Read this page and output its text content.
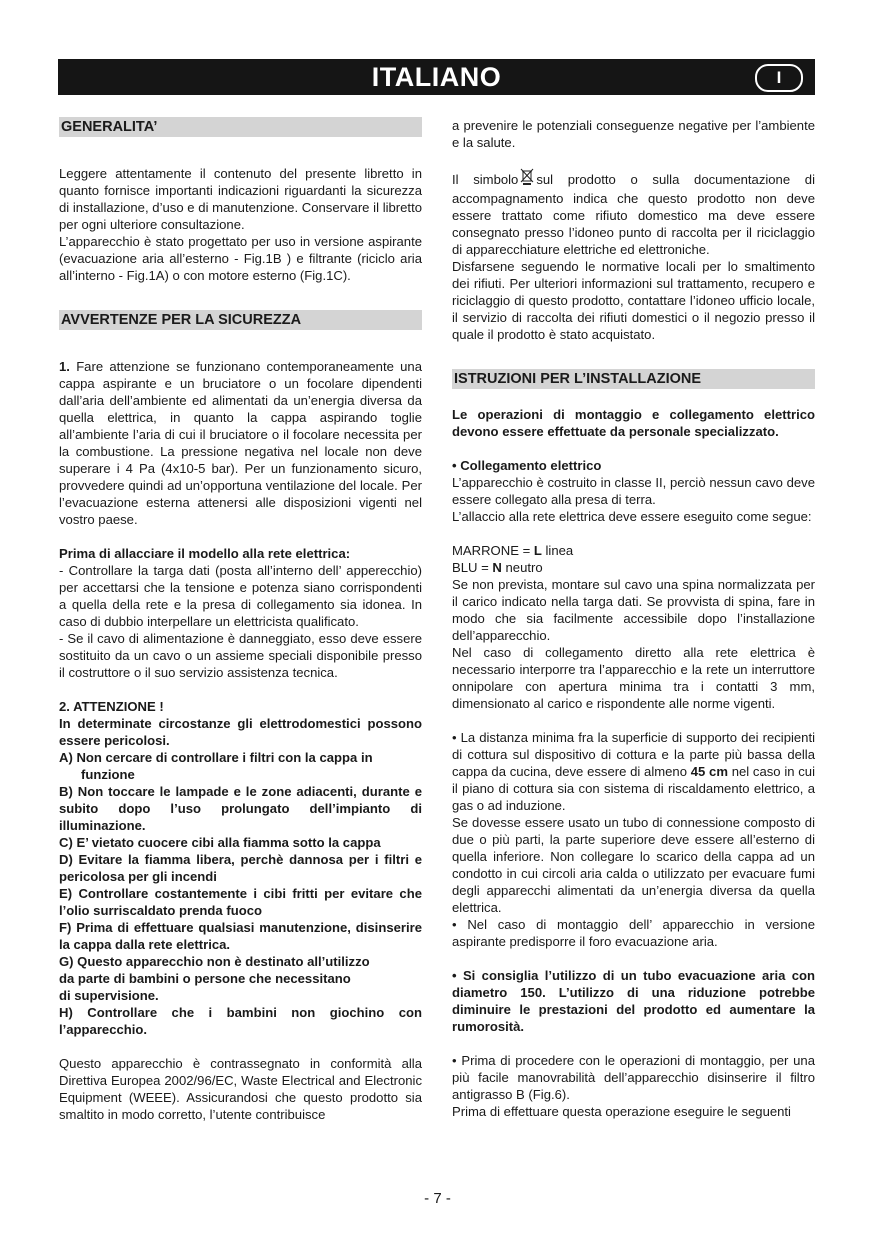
ITALIANO	I
GENERALITA’

Leggere attentamente il contenuto del presente libretto in quanto fornisce importanti indicazioni riguardanti la sicurezza di installazione, d’uso e di manutenzione. Conservare il libretto per ogni ulteriore consultazione.

L’apparecchio è stato progettato per uso in versione aspirante (evacuazione aria all’esterno - Fig.1B ) e filtrante (riciclo aria all’interno - Fig.1A) o con motore esterno (Fig.1C).

AVVERTENZE PER LA SICUREZZA

1. Fare attenzione se funzionano contemporaneamente una cappa aspirante e un bruciatore o un focolare dipendenti dall’aria dell’ambiente ed alimentati da un’energia diversa da quella elettrica, in quanto la cappa aspirando toglie all’ambiente l’aria di cui il bruciatore o il focolare necessita per la combustione. La pressione negativa nel locale non deve superare i 4 Pa (4x10-5 bar). Per un funzionamento sicuro, provvedere quindi ad un’opportuna ventilazione del locale. Per l’evacuazione esterna attenersi alle disposizioni vigenti nel vostro paese.

Prima di allacciare il modello alla rete elettrica:

- Controllare la targa dati (posta all’interno dell’ apperecchio) per accettarsi che la tensione e potenza siano corrispondenti a quella della rete e la presa di collegamento sia idonea. In caso di dubbio interpellare un elettricista qualificato.

- Se il cavo di alimentazione è danneggiato, esso deve essere sostituito da un cavo o un assieme speciali disponibile presso il costruttore o il suo servizio assistenza tecnica.

2. ATTENZIONE !

In determinate circostanze gli elettrodomestici possono essere pericolosi.

A) Non cercare di controllare i filtri con la cappa in

funzione

B) Non toccare le lampade e le zone adiacenti, durante e subito dopo l’uso prolungato dell’impianto di illuminazione.

C) E’ vietato cuocere cibi alla fiamma sotto la cappa

D) Evitare la fiamma libera, perchè dannosa per i filtri e pericolosa per gli incendi

E) Controllare costantemente i cibi fritti per evitare che l’olio surriscaldato prenda fuoco

F) Prima di effettuare qualsiasi manutenzione, disinserire la cappa dalla rete elettrica.

G) Questo apparecchio non è destinato all’utilizzo

da parte di bambini o persone che necessitano

di supervisione.

H) Controllare che i bambini non giochino con l’apparecchio.

Questo apparecchio è contrassegnato in conformità alla Direttiva Europea 2002/96/EC, Waste Electrical and Electronic Equipment (WEEE). Assicurandosi che questo prodotto sia smaltito in modo corretto, l’utente contribuisce

a prevenire le potenziali conseguenze negative per l’ambiente e la salute.

Il simbolo sul prodotto o sulla documentazione di accompagnamento indica che questo prodotto non deve essere trattato come rifiuto domestico ma deve essere consegnato presso l’idoneo punto di raccolta per il riciclaggio di apparecchiature elettriche ed elettroniche.

Disfarsene seguendo le normative locali per lo smaltimento dei rifiuti. Per ulteriori informazioni sul trattamento, recupero e riciclaggio di questo prodotto, contattare l’idoneo ufficio locale, il servizio di raccolta dei rifiuti domestici o il negozio presso il quale il prodotto è stato acquistato.

ISTRUZIONI PER L’INSTALLAZIONE

Le operazioni di montaggio e collegamento elettrico devono essere effettuate da personale specializzato.

• Collegamento elettrico

L’apparecchio è costruito in classe II, perciò nessun cavo deve essere collegato alla presa di terra.

L’allaccio alla rete elettrica deve essere eseguito come segue:

MARRONE = L linea

BLU = N neutro

Se non prevista, montare sul cavo una spina normalizzata per il carico indicato nella targa dati. Se provvista di spina, fare in modo che sia facilmente accessibile dopo l’installazione dell’apparecchio.

Nel caso di collegamento diretto alla rete elettrica è necessario interporre tra l’apparecchio e la rete un interruttore onnipolare con apertura minima tra i contatti 3 mm, dimensionato al carico e rispondente alle norme vigenti.

• La distanza minima fra la superficie di supporto dei recipienti di cottura sul dispositivo di cottura e la parte più bassa della cappa da cucina, deve essere di almeno 45 cm nel caso in cui il piano di cottura sia con sistema di riscaldamento elettrico, a gas o ad induzione.

Se dovesse essere usato un tubo di connessione composto di due o più parti, la parte superiore deve essere all’esterno di quella inferiore. Non collegare lo scarico della cappa ad un condotto in cui circoli aria calda o utilizzato per evacuare fumi degli apparecchi alimentati da un’energia diversa da quella elettrica.

• Nel caso di montaggio dell’ apparecchio in versione aspirante predisporre il foro evacuazione aria.

• Si consiglia l’utilizzo di un tubo evacuazione aria con diametro 150. L’utilizzo di una riduzione potrebbe diminuire le prestazioni del prodotto ed aumentare la rumorosità.

• Prima di procedere con le operazioni di montaggio, per una più facile manovrabilità dell’apparecchio disinserire il filtro antigrasso B (Fig.6).

Prima di effettuare questa operazione eseguire le seguenti

- 7 -
